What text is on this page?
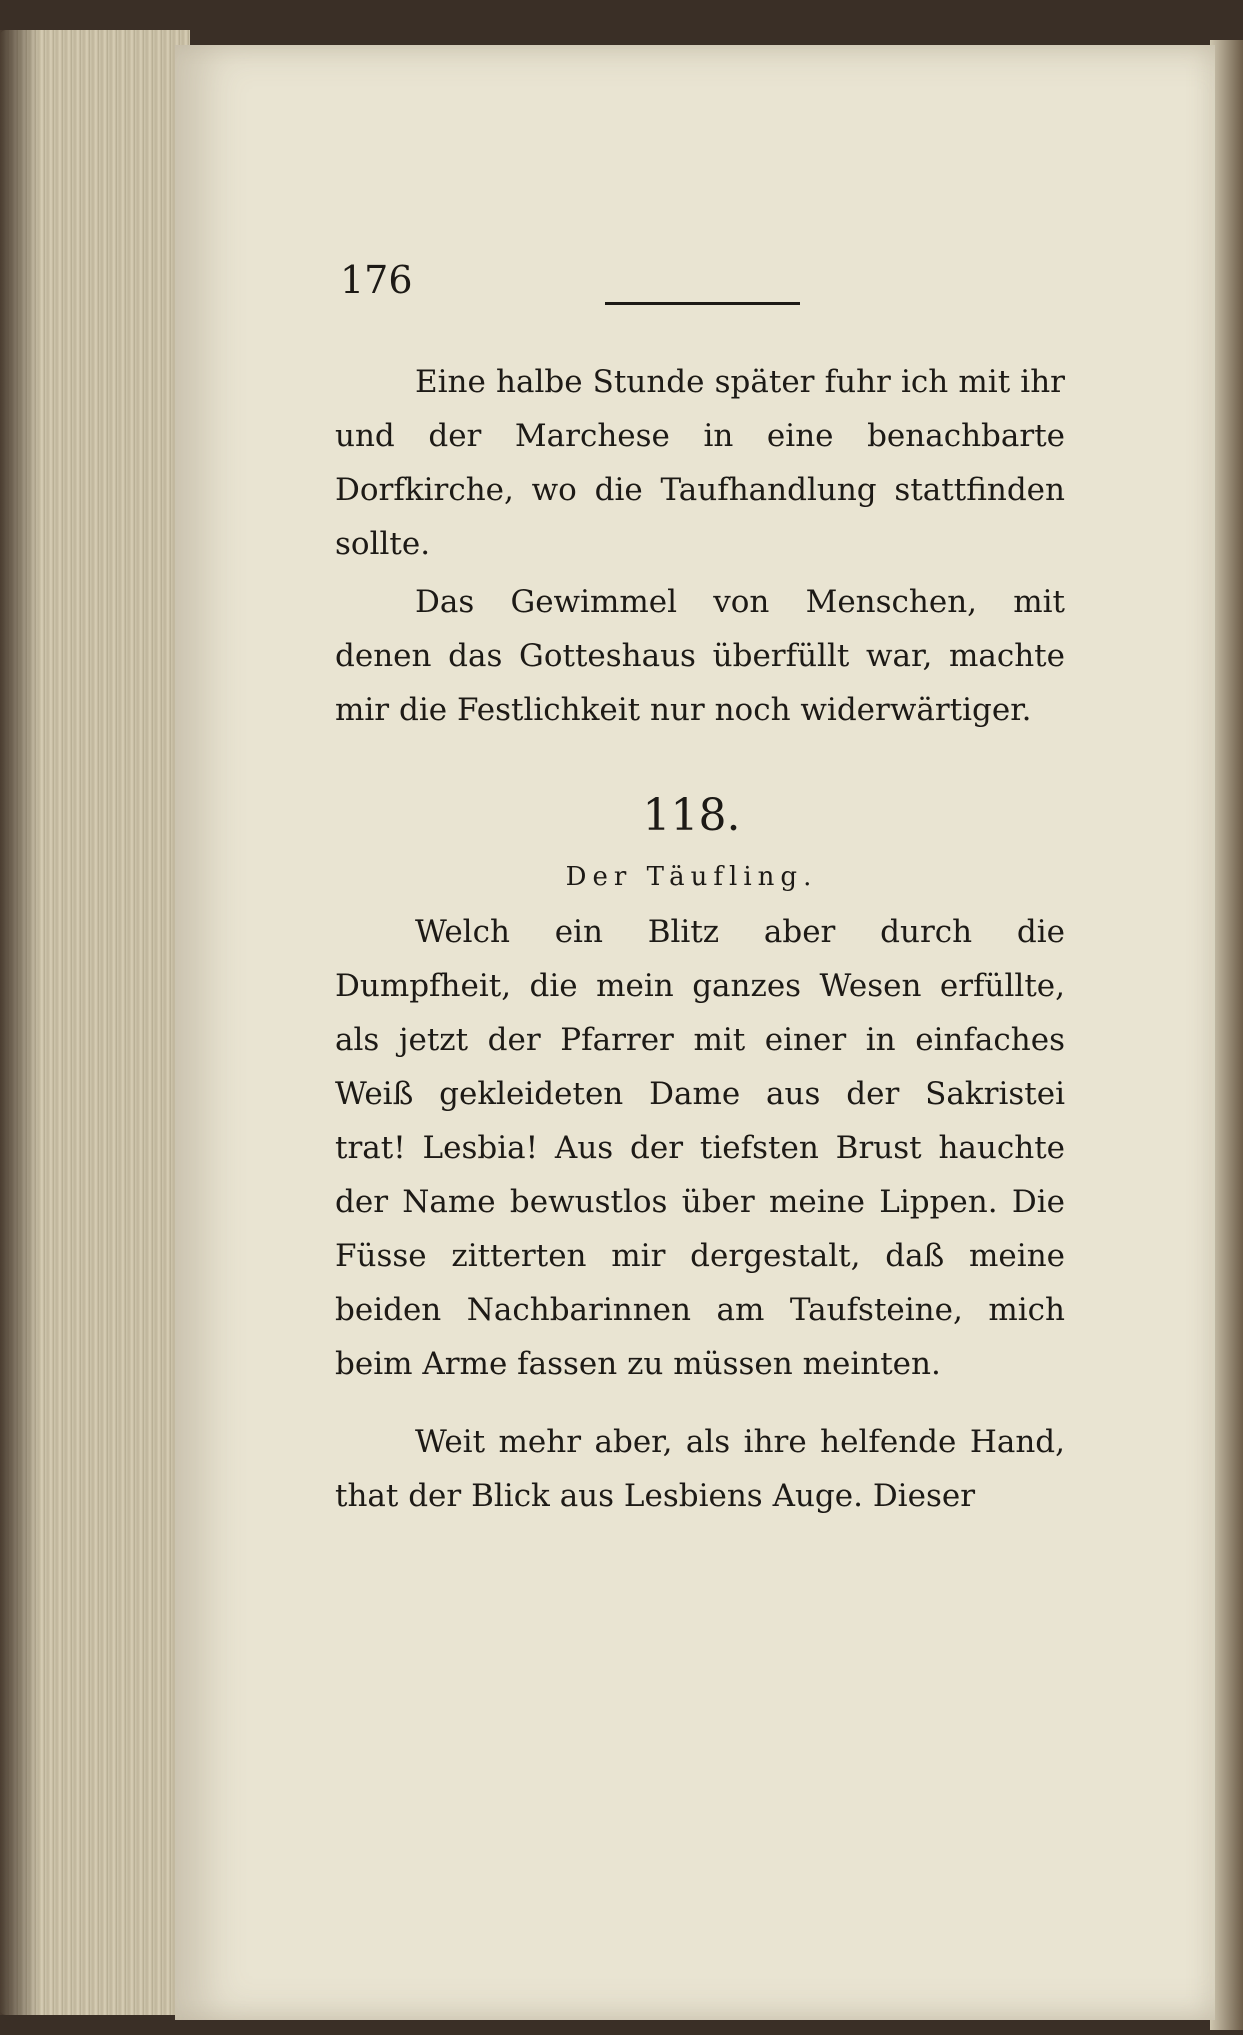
176

Eine halbe Stunde später fuhr ich mit ihr und der Marchese in eine benachbarte Dorfkirche, wo die Taufhandlung stattfinden sollte.

Das Gewimmel von Menschen, mit denen das Gotteshaus überfüllt war, machte mir die Festlichkeit nur noch widerwärtiger.

118.
Der Täufling.

Welch ein Blitz aber durch die Dumpfheit, die mein ganzes Wesen erfüllte, als jetzt der Pfarrer mit einer in einfaches Weiß gekleideten Dame aus der Sakristei trat! Lesbia! Aus der tiefsten Brust hauchte der Name bewustlos über meine Lippen. Die Füsse zitterten mir dergestalt, daß meine beiden Nachbarinnen am Taufsteine, mich beim Arme fassen zu müssen meinten.

Weit mehr aber, als ihre helfende Hand, that der Blick aus Lesbiens Auge. Dieser
